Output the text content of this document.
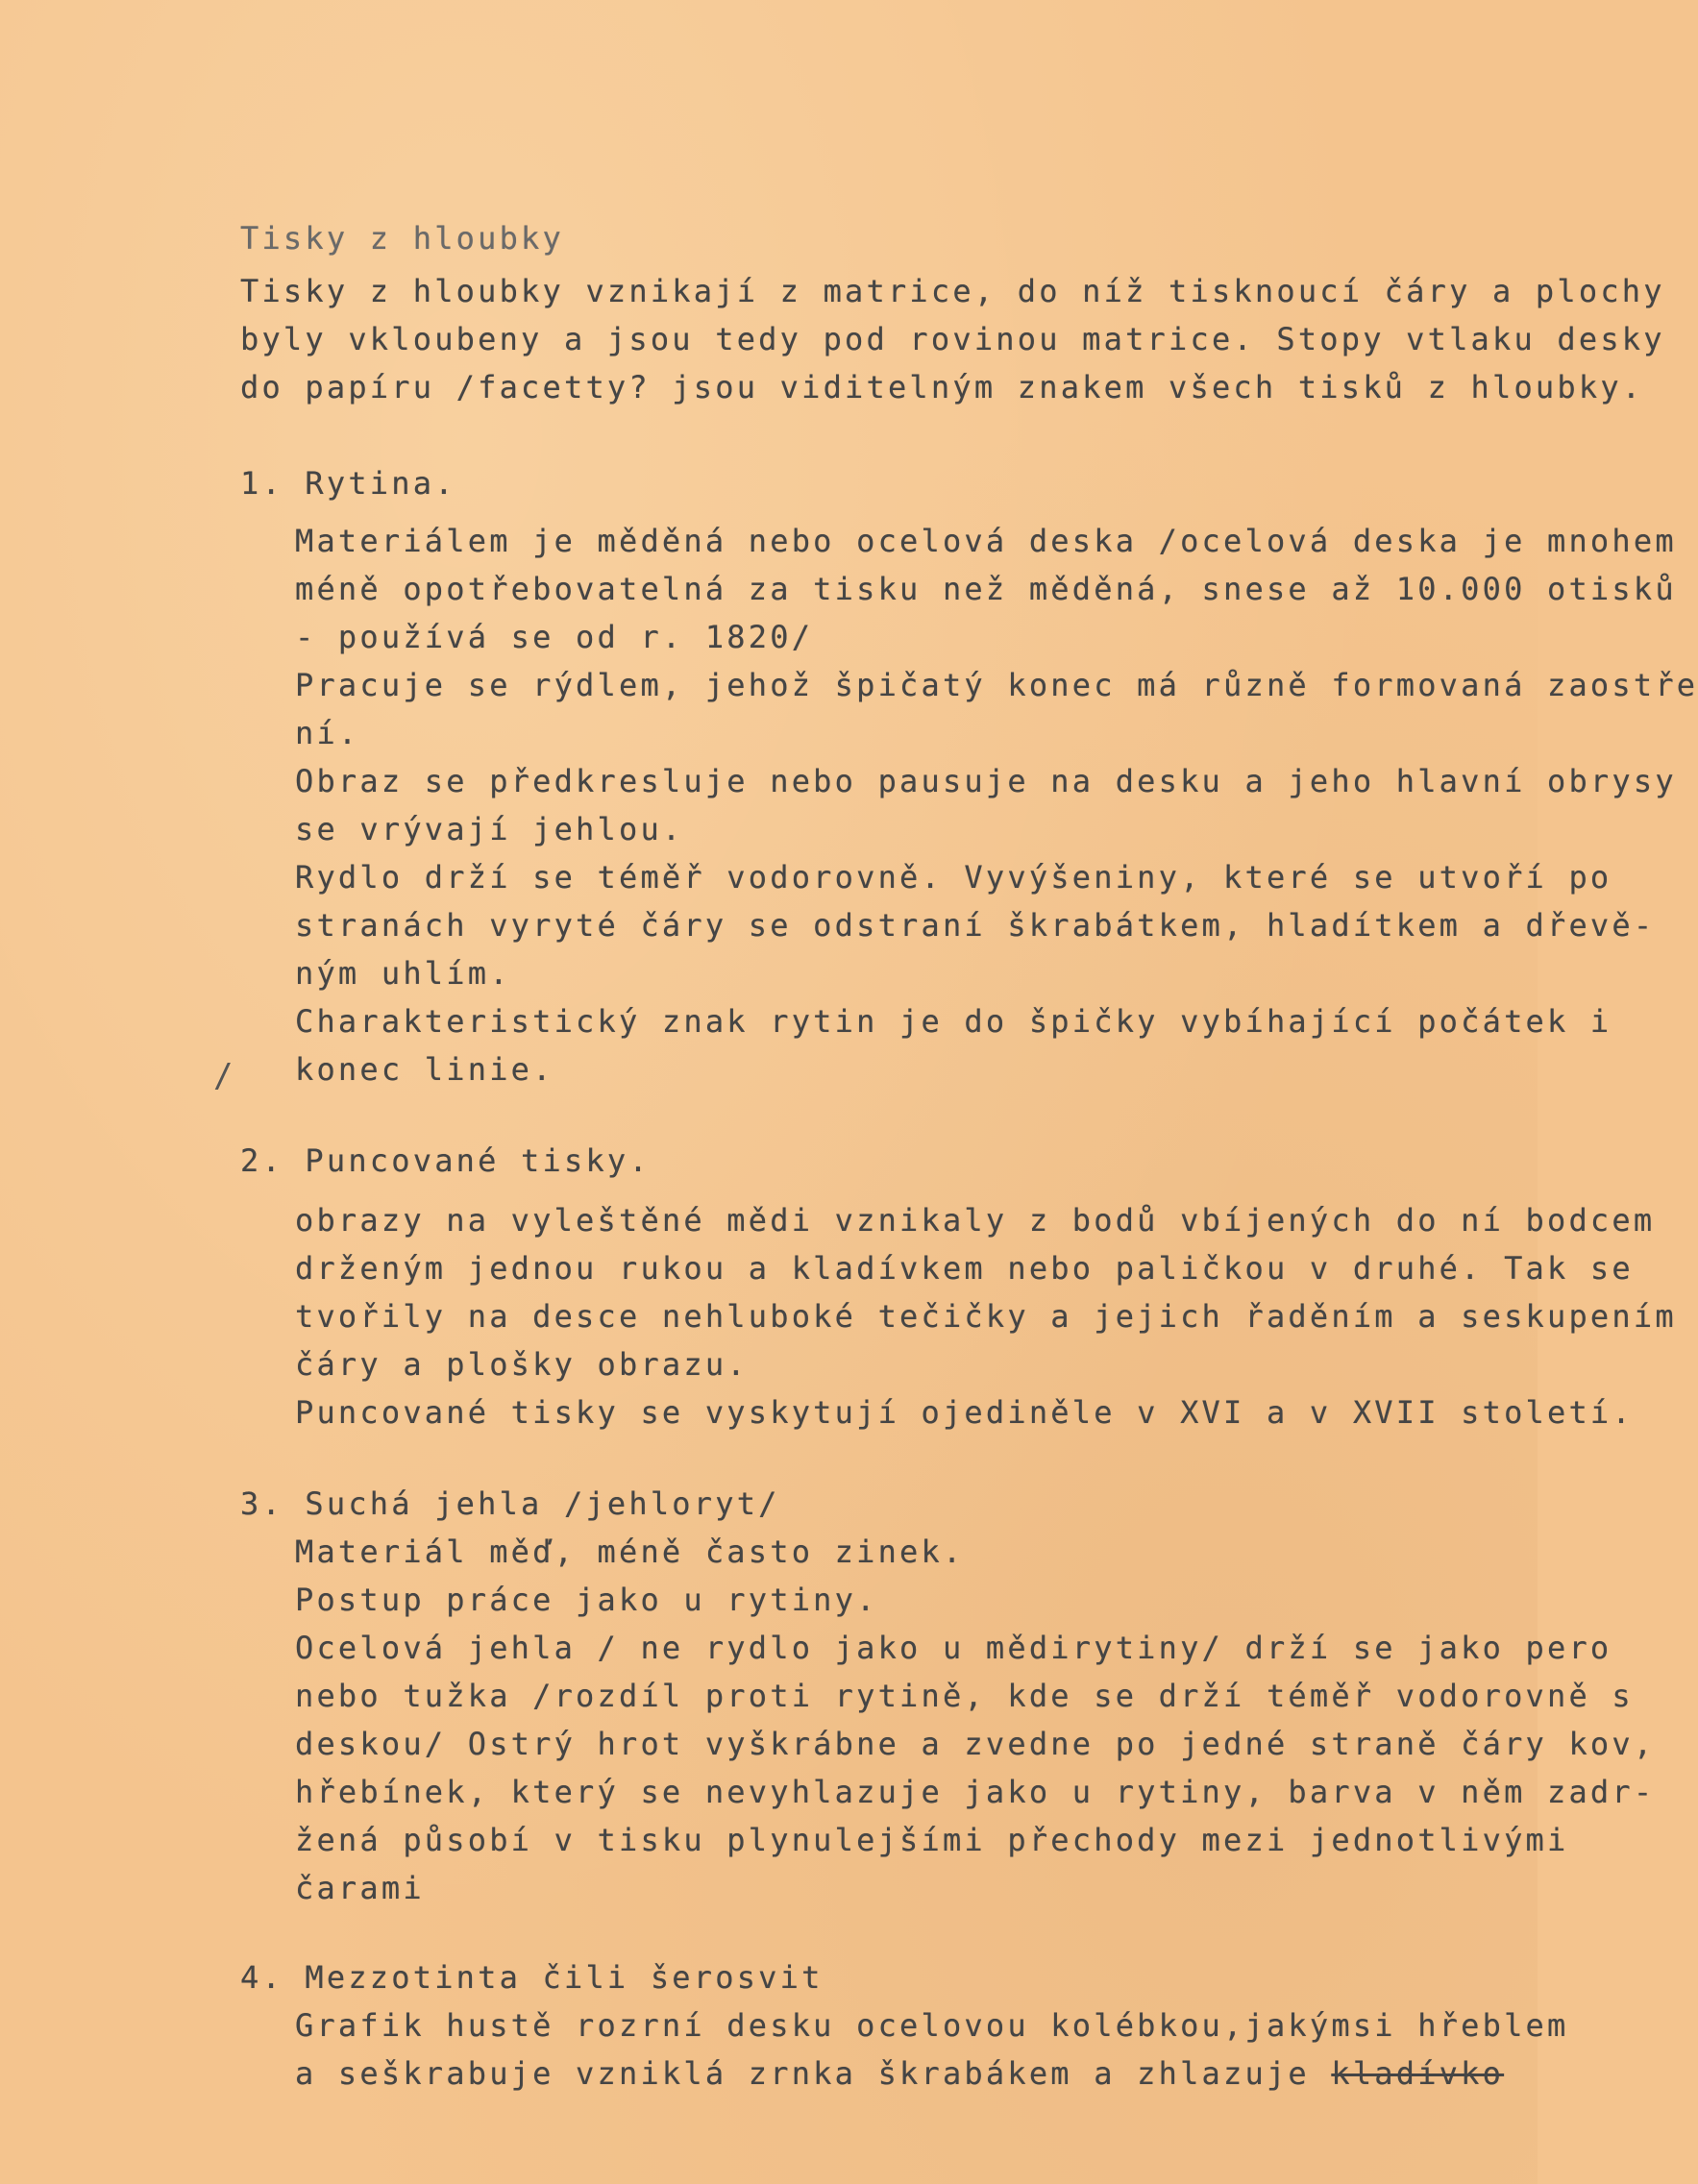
Tisky z hloubky
Tisky z hloubky vznikají z matrice, do níž tisknoucí čáry a plochy
byly vkloubeny a jsou tedy pod rovinou matrice. Stopy vtlaku desky
do papíru /facetty? jsou viditelným znakem všech tisků z hloubky.
1. Rytina.
Materiálem je měděná nebo ocelová deska /ocelová deska je mnohem
méně opotřebovatelná za tisku než měděná, snese až 10.000 otisků
- používá se od r. 1820/
Pracuje se rýdlem, jehož špičatý konec má různě formovaná zaostře
ní.
Obraz se předkresluje nebo pausuje na desku a jeho hlavní obrysy
se vrývají jehlou.
Rydlo drží se téměř vodorovně. Vyvýšeniny, které se utvoří po
stranách vyryté čáry se odstraní škrabátkem, hladítkem a dřevě-
ným uhlím.
Charakteristický znak rytin je do špičky vybíhající počátek i
konec linie.
/
2. Puncované tisky.
obrazy na vyleštěné mědi vznikaly z bodů vbíjených do ní bodcem
drženým jednou rukou a kladívkem nebo paličkou v druhé. Tak se
tvořily na desce nehluboké tečičky a jejich řaděním a seskupením
čáry a plošky obrazu.
Puncované tisky se vyskytují ojediněle v XVI a v XVII století.
3. Suchá jehla /jehloryt/
Materiál měď, méně často zinek.
Postup práce jako u rytiny.
Ocelová jehla / ne rydlo jako u mědirytiny/ drží se jako pero
nebo tužka /rozdíl proti rytině, kde se drží téměř vodorovně s
deskou/ Ostrý hrot vyškrábne a zvedne po jedné straně čáry kov,
hřebínek, který se nevyhlazuje jako u rytiny, barva v něm zadr-
žená působí v tisku plynulejšími přechody mezi jednotlivými
čarami
4. Mezzotinta čili šerosvit
Grafik hustě rozrní desku ocelovou kolébkou,jakýmsi hřeblem
a seškrabuje vzniklá zrnka škrabákem a zhlazuje kladívko
